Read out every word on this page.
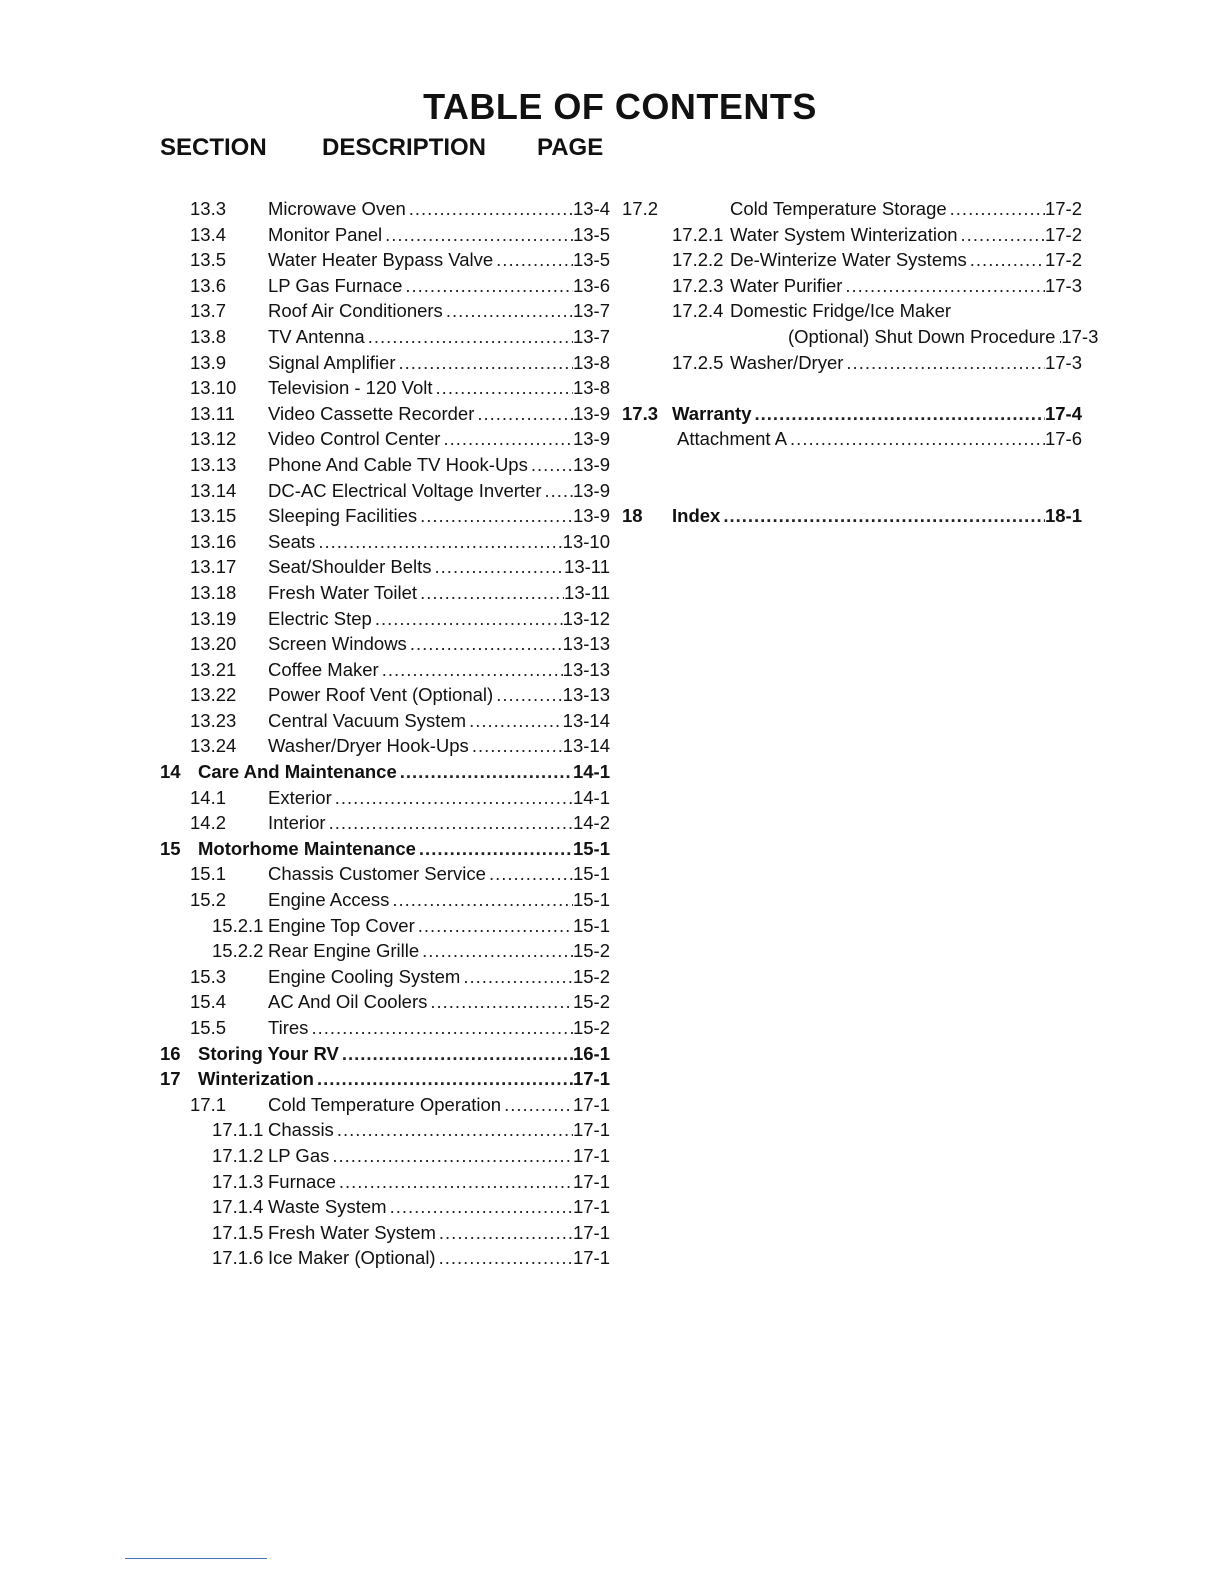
TABLE OF CONTENTS
SECTION DESCRIPTION PAGE
13.3 Microwave Oven .....	13-4
13.4 Monitor Panel .....	13-5
13.5 Water Heater Bypass Valve .....	13-5
13.6 LP Gas Furnace .....	13-6
13.7 Roof Air Conditioners .....	13-7
13.8 TV Antenna .....	13-7
13.9 Signal Amplifier .....	13-8
13.10 Television - 120 Volt .....	13-8
13.11 Video Cassette Recorder .....	13-9
13.12 Video Control Center .....	13-9
13.13 Phone And Cable TV Hook-Ups ..... 13-9
13.14 DC-AC Electrical Voltage Inverter ..... 13-9
13.15 Sleeping Facilities .....	13-9
13.16 Seats .....	13-10
13.17 Seat/Shoulder Belts .....	13-11
13.18 Fresh Water Toilet .....	13-11
13.19 Electric Step .....	13-12
13.20 Screen Windows .....	13-13
13.21 Coffee Maker .....	13-13
13.22 Power Roof Vent (Optional) .....	13-13
13.23 Central Vacuum System .....	13-14
13.24 Washer/Dryer Hook-Ups .....	13-14
14 Care And Maintenance .....	14-1
14.1 Exterior .....	14-1
14.2 Interior .....	14-2
15 Motorhome Maintenance .....	15-1
15.1 Chassis Customer Service .....	15-1
15.2 Engine Access .....	15-1
15.2.1 Engine Top Cover .....	15-1
15.2.2 Rear Engine Grille .....	15-2
15.3 Engine Cooling System .....	15-2
15.4 AC And Oil Coolers .....	15-2
15.5 Tires .....	15-2
16 Storing Your RV .....	16-1
17 Winterization .....	17-1
17.1 Cold Temperature Operation .....	17-1
17.1.1 Chassis .....	17-1
17.1.2 LP Gas .....	17-1
17.1.3 Furnace .....	17-1
17.1.4 Waste System .....	17-1
17.1.5 Fresh Water System .....	17-1
17.1.6 Ice Maker (Optional) .....	17-1
17.2	Cold Temperature Storage .....	17-2
17.2.1 Water System Winterization .....	17-2
17.2.2 De-Winterize Water Systems .....	17-2
17.2.3 Water Purifier .....	17-3
17.2.4 Domestic Fridge/Ice Maker
(Optional) Shut Down Procedure ..... 17-3
17.2.5 Washer/Dryer .....	17-3
17.3 Warranty .....	17-4
Attachment A .....	17-6
18 Index .....	18-1
